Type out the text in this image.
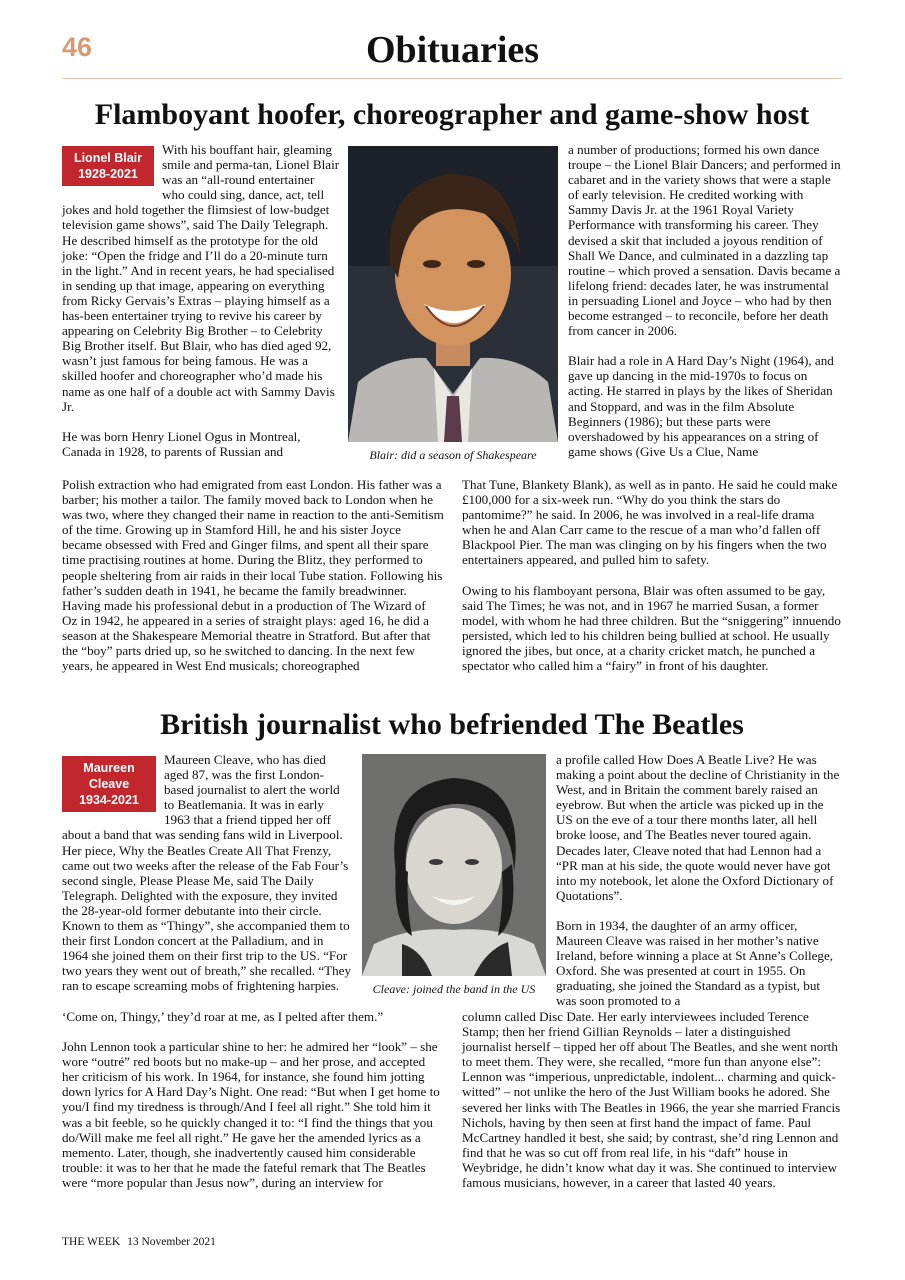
46	Obituaries
Flamboyant hoofer, choreographer and game-show host
Lionel Blair
1928-2021

With his bouffant hair, gleaming smile and perma-tan, Lionel Blair was an “all-round entertainer who could sing, dance, act, tell jokes and hold together the flimsiest of low-budget television game shows”, said The Daily Telegraph. He described himself as the prototype for the old joke: “Open the fridge and I’ll do a 20-minute turn in the light.” And in recent years, he had specialised in sending up that image, appearing on everything from Ricky Gervais’s Extras – playing himself as a has-been entertainer trying to revive his career by appearing on Celebrity Big Brother – to Celebrity Big Brother itself. But Blair, who has died aged 92, wasn’t just famous for being famous. He was a skilled hoofer and choreographer who’d made his name as one half of a double act with Sammy Davis Jr.

He was born Henry Lionel Ogus in Montreal, Canada in 1928, to parents of Russian and

Polish extraction who had emigrated from east London. His father was a barber; his mother a tailor. The family moved back to London when he was two, where they changed their name in reaction to the anti-Semitism of the time. Growing up in Stamford Hill, he and his sister Joyce became obsessed with Fred and Ginger films, and spent all their spare time practising routines at home. During the Blitz, they performed to people sheltering from air raids in their local Tube station. Following his father’s sudden death in 1941, he became the family breadwinner. Having made his professional debut in a production of The Wizard of Oz in 1942, he appeared in a series of straight plays: aged 16, he did a season at the Shakespeare Memorial theatre in Stratford. But after that the “boy” parts dried up, so he switched to dancing. In the next few years, he appeared in West End musicals; choreographed

Blair: did a season of Shakespeare

a number of productions; formed his own dance troupe – the Lionel Blair Dancers; and performed in cabaret and in the variety shows that were a staple of early television. He credited working with Sammy Davis Jr. at the 1961 Royal Variety Performance with transforming his career. They devised a skit that included a joyous rendition of Shall We Dance, and culminated in a dazzling tap routine – which proved a sensation. Davis became a lifelong friend: decades later, he was instrumental in persuading Lionel and Joyce – who had by then become estranged – to reconcile, before her death from cancer in 2006.

Blair had a role in A Hard Day’s Night (1964), and gave up dancing in the mid-1970s to focus on acting. He starred in plays by the likes of Sheridan and Stoppard, and was in the film Absolute Beginners (1986); but these parts were overshadowed by his appearances on a string of game shows (Give Us a Clue, Name

That Tune, Blankety Blank), as well as in panto. He said he could make £100,000 for a six-week run. “Why do you think the stars do pantomime?” he said. In 2006, he was involved in a real-life drama when he and Alan Carr came to the rescue of a man who’d fallen off Blackpool Pier. The man was clinging on by his fingers when the two entertainers appeared, and pulled him to safety.

Owing to his flamboyant persona, Blair was often assumed to be gay, said The Times; he was not, and in 1967 he married Susan, a former model, with whom he had three children. But the “sniggering” innuendo persisted, which led to his children being bullied at school. He usually ignored the jibes, but once, at a charity cricket match, he punched a spectator who called him a “fairy” in front of his daughter.

British journalist who befriended The Beatles
Maureen
Cleave
1934-2021

Maureen Cleave, who has died aged 87, was the first London-based journalist to alert the world to Beatlemania. It was in early 1963 that a friend tipped her off about a band that was sending fans wild in Liverpool. Her piece, Why the Beatles Create All That Frenzy, came out two weeks after the release of the Fab Four’s second single, Please Please Me, said The Daily Telegraph. Delighted with the exposure, they invited the 28-year-old former debutante into their circle. Known to them as “Thingy”, she accompanied them to their first London concert at the Palladium, and in 1964 she joined them on their first trip to the US. “For two years they went out of breath,” she recalled. “They ran to escape screaming mobs of frightening harpies.

‘Come on, Thingy,’ they’d roar at me, as I pelted after them.”

John Lennon took a particular shine to her: he admired her “look” – she wore “outré” red boots but no make-up – and her prose, and accepted her criticism of his work. In 1964, for instance, she found him jotting down lyrics for A Hard Day’s Night. One read: “But when I get home to you/I find my tiredness is through/And I feel all right.” She told him it was a bit feeble, so he quickly changed it to: “I find the things that you do/Will make me feel all right.” He gave her the amended lyrics as a memento. Later, though, she inadvertently caused him considerable trouble: it was to her that he made the fateful remark that The Beatles were “more popular than Jesus now”, during an interview for

Cleave: joined the band in the US

a profile called How Does A Beatle Live? He was making a point about the decline of Christianity in the West, and in Britain the comment barely raised an eyebrow. But when the article was picked up in the US on the eve of a tour there months later, all hell broke loose, and The Beatles never toured again. Decades later, Cleave noted that had Lennon had a “PR man at his side, the quote would never have got into my notebook, let alone the Oxford Dictionary of Quotations”.

Born in 1934, the daughter of an army officer, Maureen Cleave was raised in her mother’s native Ireland, before winning a place at St Anne’s College, Oxford. She was presented at court in 1955. On graduating, she joined the Standard as a typist, but was soon promoted to a

column called Disc Date. Her early interviewees included Terence Stamp; then her friend Gillian Reynolds – later a distinguished journalist herself – tipped her off about The Beatles, and she went north to meet them. They were, she recalled, “more fun than anyone else”: Lennon was “imperious, unpredictable, indolent... charming and quick-witted” – not unlike the hero of the Just William books he adored. She severed her links with The Beatles in 1966, the year she married Francis Nichols, having by then seen at first hand the impact of fame. Paul McCartney handled it best, she said; by contrast, she’d ring Lennon and find that he was so cut off from real life, in his “daft” house in Weybridge, he didn’t know what day it was. She continued to interview famous musicians, however, in a career that lasted 40 years.

THE WEEK 13 November 2021
